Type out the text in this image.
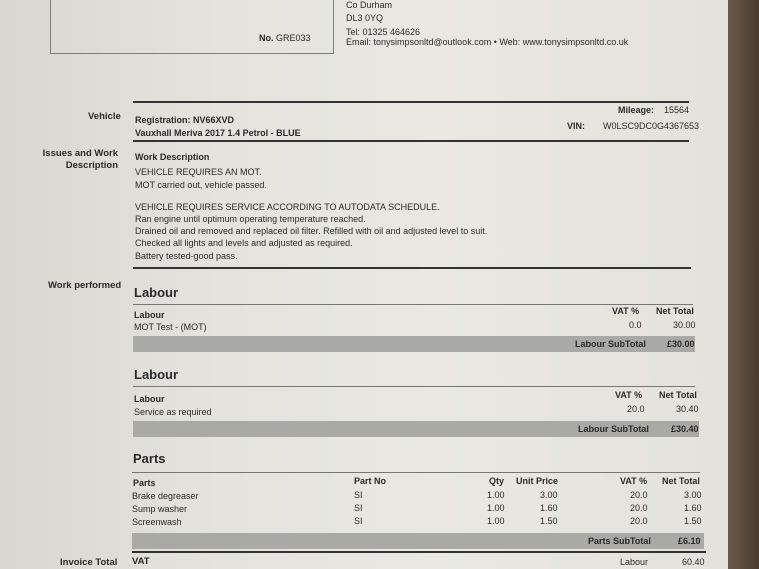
No. GRE033
Co Durham
DL3 0YQ
Tel: 01325 464626
Email: tonysimpsonltd@outlook.com • Web: www.tonysimpsonltd.co.uk
Vehicle Registration: NV66XVD
Vauxhall Meriva 2017 1.4 Petrol - BLUE
Mileage: 15564
VIN: W0LSC9DC0G4367653
Issues and Work
Description
Work Description
VEHICLE REQUIRES AN MOT.
MOT carried out, vehicle passed.
VEHICLE REQUIRES SERVICE ACCORDING TO AUTODATA SCHEDULE.
Ran engine until optimum operating temperature reached.
Drained oil and removed and replaced oil filter. Refilled with oil and adjusted level to suit.
Checked all lights and levels and adjusted as required.
Battery tested-good pass.
Work performed Labour
Labour	VAT % Net Total
MOT Test - (MOT)	0.0	30.00
Labour SubTotal £30.00
Labour
Labour	VAT % Net Total
Service as required	20.0	30.40
Labour SubTotal £30.40
Parts
Parts	Part No	Qty Unit Price	VAT % Net Total
Brake degreaser	SI	1.00	3.00	20.0	3.00
Sump washer	SI	1.00	1.60	20.0	1.60
Screenwash	SI	1.00	1.50	20.0	1.50
Parts SubTotal	£6.10
Invoice Total VAT	Labour	60.40
